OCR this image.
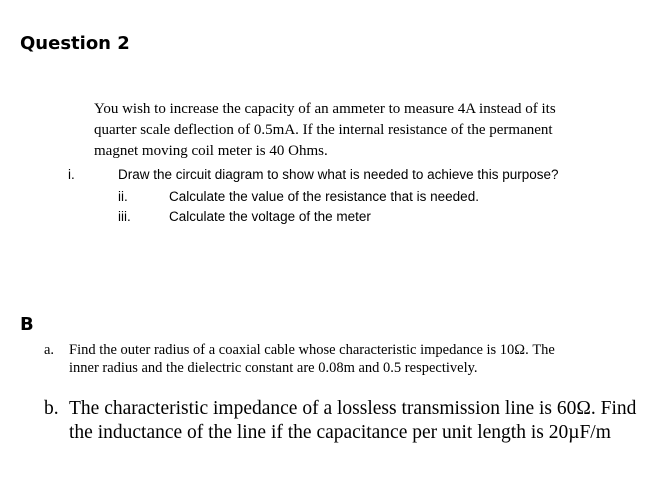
Question 2
You wish to increase the capacity of an ammeter to measure 4A instead of its
quarter scale deflection of 0.5mA. If the internal resistance of the permanent
magnet moving coil meter is 40 Ohms.
i.	Draw the circuit diagram to show what is needed to achieve this purpose?
ii.	Calculate the value of the resistance that is needed.
iii.	Calculate the voltage of the meter
B
a. Find the outer radius of a coaxial cable whose characteristic impedance is 10Ω. The
inner radius and the dielectric constant are 0.08m and 0.5 respectively.
b. The characteristic impedance of a lossless transmission line is 60Ω. Find
the inductance of the line if the capacitance per unit length is 20µF/m
